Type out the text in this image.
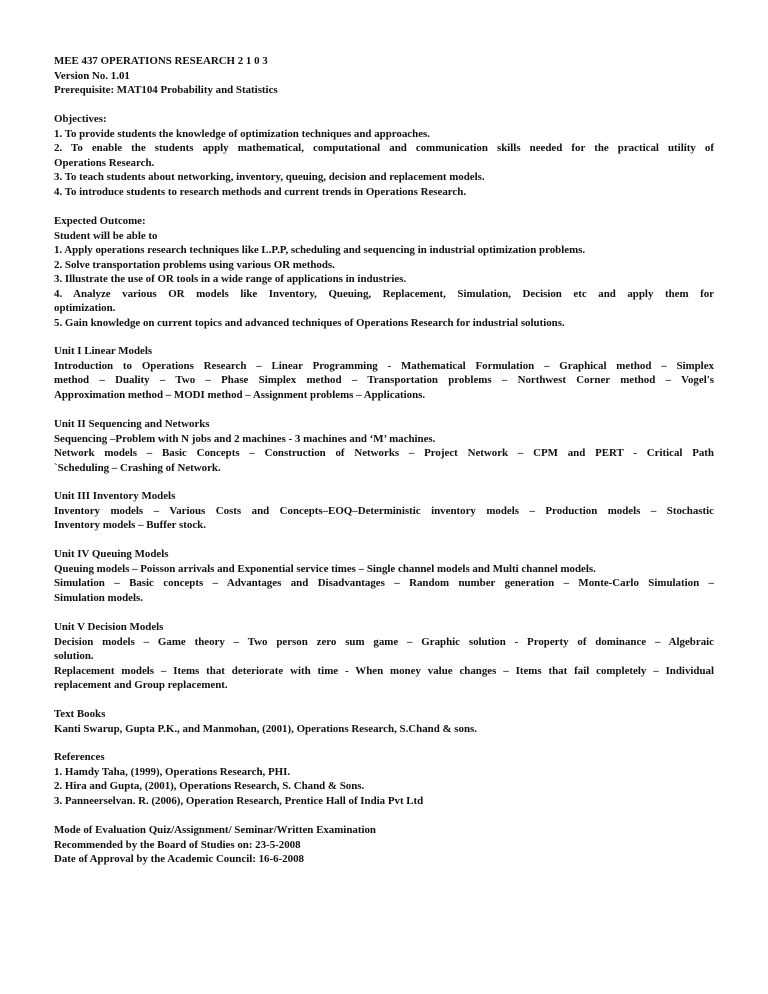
MEE 437 OPERATIONS RESEARCH 2 1 0 3
Version No. 1.01
Prerequisite: MAT104 Probability and Statistics
Objectives:
1. To provide students the knowledge of optimization techniques and approaches.
2. To enable the students apply mathematical, computational and communication skills needed for the practical utility of
Operations Research.
3. To teach students about networking, inventory, queuing, decision and replacement models.
4. To introduce students to research methods and current trends in Operations Research.
Expected Outcome:
Student will be able to
1. Apply operations research techniques like L.P.P, scheduling and sequencing in industrial optimization problems.
2. Solve transportation problems using various OR methods.
3. Illustrate the use of OR tools in a wide range of applications in industries.
4. Analyze various OR models like Inventory, Queuing, Replacement, Simulation, Decision etc and apply them for
optimization.
5. Gain knowledge on current topics and advanced techniques of Operations Research for industrial solutions.
Unit I Linear Models
Introduction to Operations Research – Linear Programming - Mathematical Formulation – Graphical method – Simplex
method – Duality – Two – Phase Simplex method – Transportation problems – Northwest Corner method – Vogel's
Approximation method – MODI method – Assignment problems – Applications.
Unit II Sequencing and Networks
Sequencing –Problem with N jobs and 2 machines - 3 machines and ‘M’ machines.
Network models – Basic Concepts – Construction of Networks – Project Network – CPM and PERT - Critical Path
`Scheduling – Crashing of Network.
Unit III Inventory Models
Inventory models – Various Costs and Concepts–EOQ–Deterministic inventory models – Production models – Stochastic
Inventory models – Buffer stock.
Unit IV Queuing Models
Queuing models – Poisson arrivals and Exponential service times – Single channel models and Multi channel models.
Simulation – Basic concepts – Advantages and Disadvantages – Random number generation – Monte-Carlo Simulation –
Simulation models.
Unit V Decision Models
Decision models – Game theory – Two person zero sum game – Graphic solution - Property of dominance – Algebraic
solution.
Replacement models – Items that deteriorate with time - When money value changes – Items that fail completely – Individual
replacement and Group replacement.
Text Books
Kanti Swarup, Gupta P.K., and Manmohan, (2001), Operations Research, S.Chand & sons.
References
1. Hamdy Taha, (1999), Operations Research, PHI.
2. Hira and Gupta, (2001), Operations Research, S. Chand & Sons.
3. Panneerselvan. R. (2006), Operation Research, Prentice Hall of India Pvt Ltd
Mode of Evaluation Quiz/Assignment/ Seminar/Written Examination
Recommended by the Board of Studies on: 23-5-2008
Date of Approval by the Academic Council: 16-6-2008
